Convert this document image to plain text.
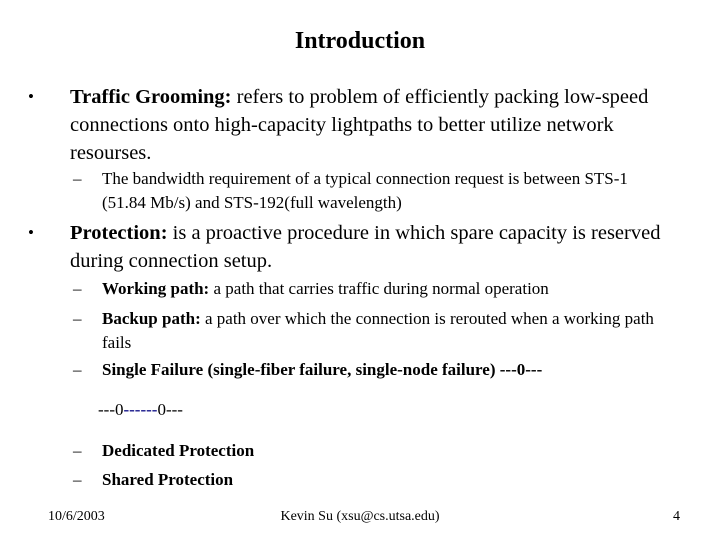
Introduction
•	Traffic Grooming: refers to problem of efficiently packing low-speed connections onto high-capacity lightpaths to better utilize network resourses.
–	The bandwidth requirement of a typical connection request is between STS-1 (51.84 Mb/s) and STS-192(full wavelength)
•	Protection: is a proactive procedure in which spare capacity is reserved during connection setup.
–	Working path: a path that carries traffic during normal operation
–	Backup path: a path over which the connection is rerouted when a working path fails
–	Single Failure (single-fiber failure, single-node failure) ---0---
---0------0---
–	Dedicated Protection
–	Shared Protection
10/6/2003	Kevin Su (xsu@cs.utsa.edu)	4
